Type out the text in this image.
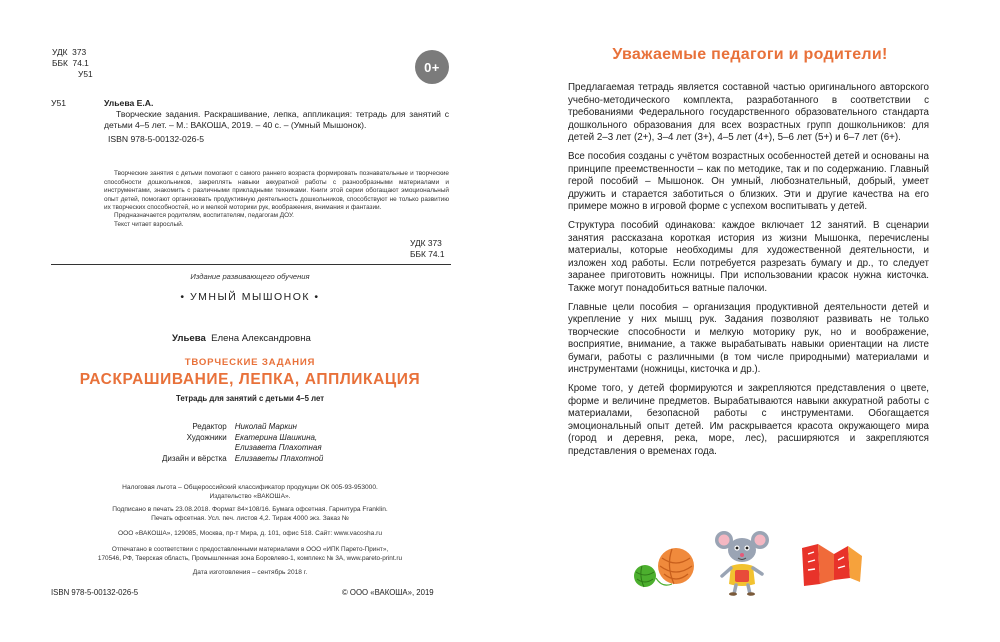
УДК 373
ББК 74.1
У51	0+
У51	Ульева Е.А.
Творческие задания. Раскрашивание, лепка, аппликация: тетрадь для занятий с детьми 4–5 лет. – М.: ВАКОША, 2019. – 40 с. – (Умный Мышонок).
ISBN 978-5-00132-026-5
Творческие занятия с детьми помогают с самого раннего возраста формировать познавательные и творческие способности дошкольников, закреплять навыки аккуратной работы с разнообразными материалами и инструментами, знакомить с различными прикладными техниками. Книги этой серии обогащают эмоциональный опыт детей, помогают организовать продуктивную деятельность дошкольников, способствуют не только развитию их творческих способностей, но и мелкой моторики рук, воображения, внимания и фантазии.
Предназначается родителям, воспитателям, педагогам ДОУ.
Текст читает взрослый.
УДК 373
ББК 74.1
Издание развивающего обучения
• УМНЫЙ МЫШОНОК •
Ульева Елена Александровна
ТВОРЧЕСКИЕ ЗАДАНИЯ
РАСКРАШИВАНИЕ, ЛЕПКА, АППЛИКАЦИЯ
Тетрадь для занятий с детьми 4–5 лет
Редактор	Николай Маркин
Художники	Екатерина Шашкина,
	Елизавета Плахотная
Дизайн и вёрстка	Елизаветы Плахотной
Налоговая льгота – Общероссийский классификатор продукции ОК 005-93-953000.
Издательство «ВАКОША».
Подписано в печать 23.08.2018. Формат 84×108/16. Бумага офсетная. Гарнитура Franklin.
Печать офсетная. Усл. печ. листов 4,2. Тираж 4000 экз. Заказ №
ООО «ВАКОША», 129085, Москва, пр-т Мира, д. 101, офис 518. Сайт: www.vacosha.ru
Отпечатано в соответствии с предоставленными материалами в ООО «ИПК Парето-Принт»,
170546, РФ, Тверская область, Промышленная зона Боровлево-1, комплекс № 3А, www.pareto-print.ru
Дата изготовления – сентябрь 2018 г.
ISBN 978-5-00132-026-5	© ООО «ВАКОША», 2019
Уважаемые педагоги и родители!

Предлагаемая тетрадь является составной частью оригинального авторского учебно-методического комплекта, разработанного в соответствии с требованиями Федерального государственного образовательного стандарта дошкольного образования для всех возрастных групп дошкольников: для детей 2–3 лет (2+), 3–4 лет (3+), 4–5 лет (4+), 5–6 лет (5+) и 6–7 лет (6+).

Все пособия созданы с учётом возрастных особенностей детей и основаны на принципе преемственности – как по методике, так и по содержанию. Главный герой пособий – Мышонок. Он умный, любознательный, добрый, умеет дружить и старается заботиться о близких. Эти и другие качества на его примере можно в игровой форме с успехом воспитывать у детей.

Структура пособий одинакова: каждое включает 12 занятий. В сценарии занятия рассказана короткая история из жизни Мышонка, перечислены материалы, которые необходимы для художественной деятельности, и изложен ход работы. Если потребуется разрезать бумагу и др., то следует заранее приготовить ножницы. При использовании красок нужна кисточка. Также могут понадобиться ватные палочки.

Главные цели пособия – организация продуктивной деятельности детей и укрепление у них мышц рук. Задания позволяют развивать не только творческие способности и мелкую моторику рук, но и воображение, восприятие, внимание, а также вырабатывать навыки ориентации на листе бумаги, работы с различными (в том числе природными) материалами и инструментами (ножницы, кисточка и др.).

Кроме того, у детей формируются и закрепляются представления о цвете, форме и величине предметов. Вырабатываются навыки аккуратной работы с материалами, безопасной работы с инструментами. Обогащается эмоциональный опыт детей. Им раскрывается красота окружающего мира (город и деревня, река, море, лес), расширяются и закрепляются представления о временах года.
